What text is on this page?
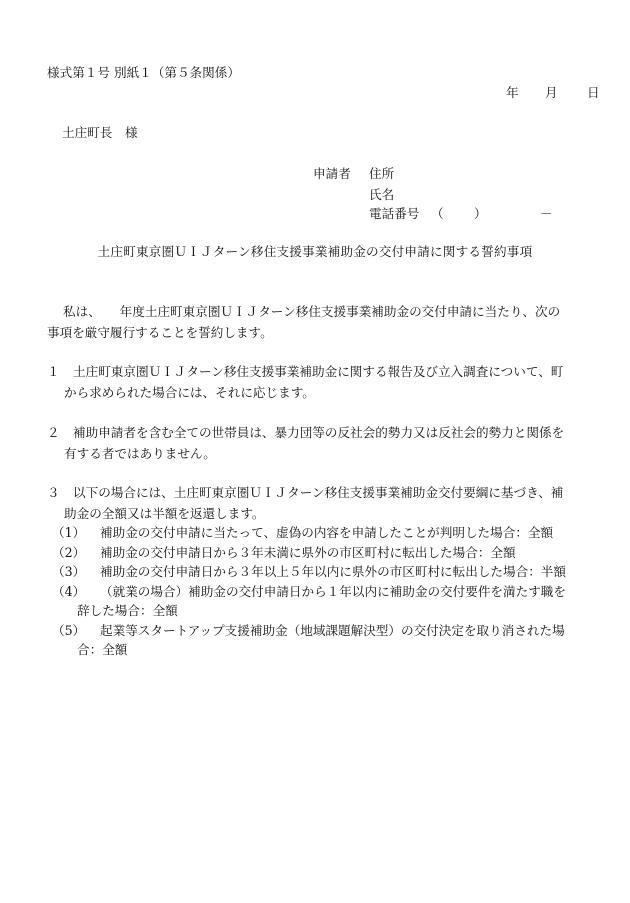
様式第１号 別紙１（第５条関係）
年 月 日
土庄町長　様
申請者 住所
氏名
電話番号 （ ）	－
土庄町東京圏ＵＩＪターン移住支援事業補助金の交付申請に関する誓約事項
私は、　　年度土庄町東京圏ＵＩＪターン移住支援事業補助金の交付申請に当たり、次の
事項を厳守履行することを誓約します。
１ 土庄町東京圏ＵＩＪターン移住支援事業補助金に関する報告及び立入調査について、町
から求められた場合には、それに応じます。
２ 補助申請者を含む全ての世帯員は、暴力団等の反社会的勢力又は反社会的勢力と関係を
有する者ではありません。
３ 以下の場合には、土庄町東京圏ＵＩＪターン移住支援事業補助金交付要綱に基づき、補
助金の全額又は半額を返還します。
（1） 補助金の交付申請に当たって、虚偽の内容を申請したことが判明した場合：全額
（2） 補助金の交付申請日から３年未満に県外の市区町村に転出した場合：全額
（3） 補助金の交付申請日から３年以上５年以内に県外の市区町村に転出した場合：半額
（4） （就業の場合）補助金の交付申請日から１年以内に補助金の交付要件を満たす職を
辞した場合：全額
（5） 起業等スタートアップ支援補助金（地域課題解決型）の交付決定を取り消された場
合：全額
